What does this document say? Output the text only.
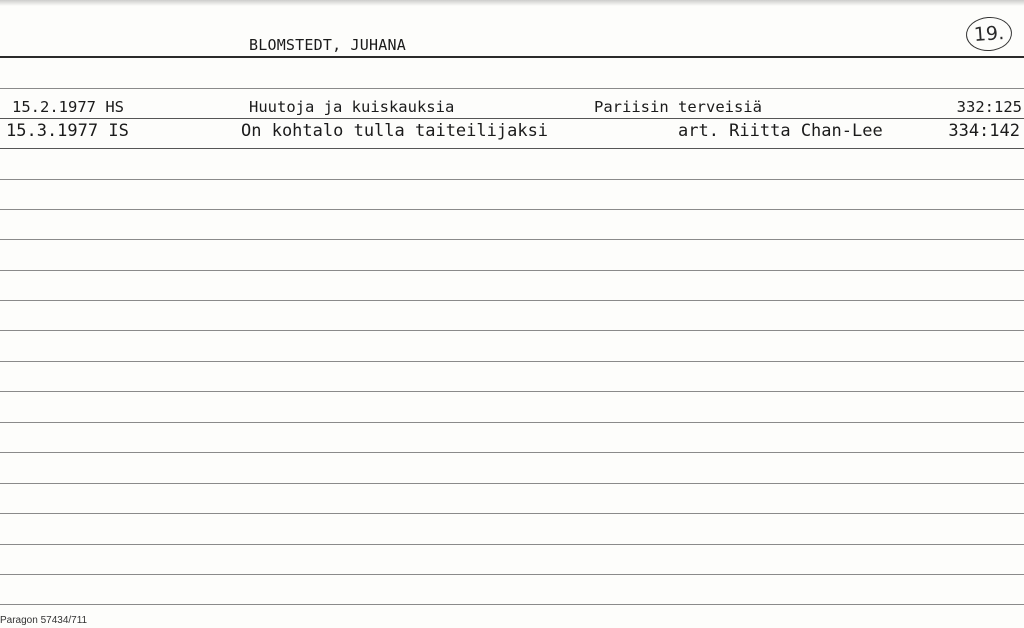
BLOMSTEDT, JUHANA	19.
15.2.1977 HS	Huutoja ja kuiskauksia	Pariisin terveisiä	332:125
15.3.1977 IS	On kohtalo tulla taiteilijaksi	art. Riitta Chan-Lee	334:142
Paragon 57434/711
